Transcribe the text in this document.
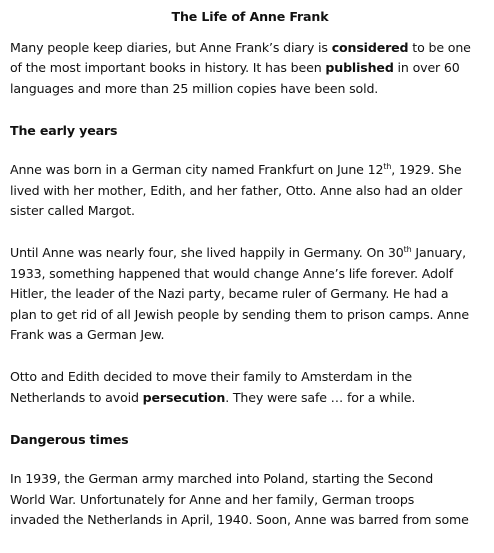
The Life of Anne Frank
Many people keep diaries, but Anne Frank’s diary is considered to be one
of the most important books in history. It has been published in over 60
languages and more than 25 million copies have been sold.
The early years
Anne was born in a German city named Frankfurt on June 12th, 1929. She
lived with her mother, Edith, and her father, Otto. Anne also had an older
sister called Margot.
Until Anne was nearly four, she lived happily in Germany. On 30th January,
1933, something happened that would change Anne’s life forever. Adolf
Hitler, the leader of the Nazi party, became ruler of Germany. He had a
plan to get rid of all Jewish people by sending them to prison camps. Anne
Frank was a German Jew.
Otto and Edith decided to move their family to Amsterdam in the
Netherlands to avoid persecution. They were safe … for a while.
Dangerous times
In 1939, the German army marched into Poland, starting the Second
World War. Unfortunately for Anne and her family, German troops
invaded the Netherlands in April, 1940. Soon, Anne was barred from some
